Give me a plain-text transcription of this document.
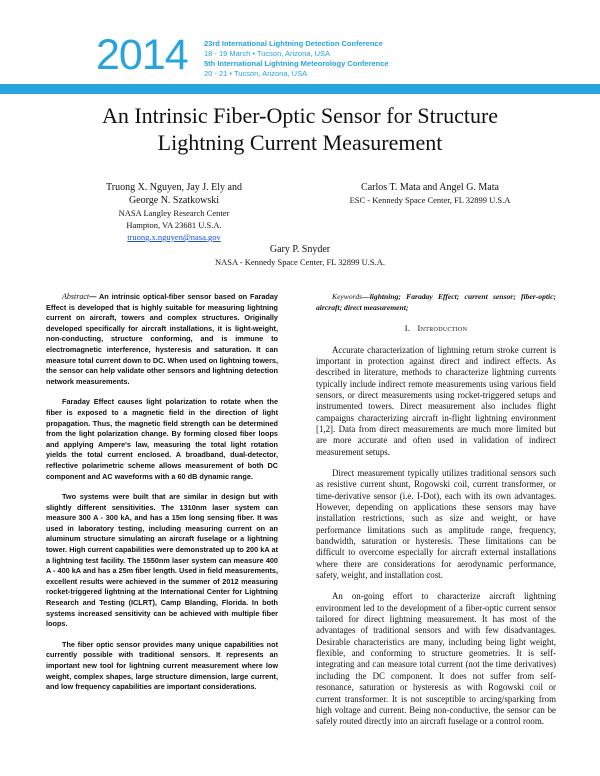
2014 23rd International Lightning Detection Conference
18 - 19 March • Tucson, Arizona, USA
5th International Lightning Meteorology Conference
20 - 21 • Tucson, Arizona, USA
An Intrinsic Fiber-Optic Sensor for Structure
Lightning Current Measurement
Truong X. Nguyen, Jay J. Ely and
George N. Szatkowski
NASA Langley Research Center
Hampton, VA 23681 U.S.A.
truong.x.nguyen@nasa.gov
Carlos T. Mata and Angel G. Mata
ESC - Kennedy Space Center, FL 32899 U.S.A
Gary P. Snyder
NASA - Kennedy Space Center, FL 32899 U.S.A.

Abstract— An intrinsic optical-fiber sensor based on Faraday Effect is developed that is highly suitable for measuring lightning current on aircraft, towers and complex structures. Originally developed specifically for aircraft installations, it is light-weight, non-conducting, structure conforming, and is immune to electromagnetic interference, hysteresis and saturation. It can measure total current down to DC. When used on lightning towers, the sensor can help validate other sensors and lightning detection network measurements.

Faraday Effect causes light polarization to rotate when the fiber is exposed to a magnetic field in the direction of light propagation. Thus, the magnetic field strength can be determined from the light polarization change. By forming closed fiber loops and applying Ampere's law, measuring the total light rotation yields the total current enclosed. A broadband, dual-detector, reflective polarimetric scheme allows measurement of both DC component and AC waveforms with a 60 dB dynamic range.

Two systems were built that are similar in design but with slightly different sensitivities. The 1310nm laser system can measure 300 A - 300 kA, and has a 15m long sensing fiber. It was used in laboratory testing, including measuring current on an aluminum structure simulating an aircraft fuselage or a lightning tower. High current capabilities were demonstrated up to 200 kA at a lightning test facility. The 1550nm laser system can measure 400 A - 400 kA and has a 25m fiber length. Used in field measurements, excellent results were achieved in the summer of 2012 measuring rocket-triggered lightning at the International Center for Lightning Research and Testing (ICLRT), Camp Blanding, Florida. In both systems increased sensitivity can be achieved with multiple fiber loops.

The fiber optic sensor provides many unique capabilities not currently possible with traditional sensors. It represents an important new tool for lightning current measurement where low weight, complex shapes, large structure dimension, large current, and low frequency capabilities are important considerations.

Keywords—lightning; Faraday Effect; current sensor; fiber-optic; aircraft; direct measurement;

I. Introduction

Accurate characterization of lightning return stroke current is important in protection against direct and indirect effects. As described in literature, methods to characterize lightning currents typically include indirect remote measurements using various field sensors, or direct measurements using rocket-triggered setups and instrumented towers. Direct measurement also includes flight campaigns characterizing aircraft in-flight lightning environment [1,2]. Data from direct measurements are much more limited but are more accurate and often used in validation of indirect measurement setups.

Direct measurement typically utilizes traditional sensors such as resistive current shunt, Rogowski coil, current transformer, or time-derivative sensor (i.e. I-Dot), each with its own advantages. However, depending on applications these sensors may have installation restrictions, such as size and weight, or have performance limitations such as amplitude range, frequency, bandwidth, saturation or hysteresis. These limitations can be difficult to overcome especially for aircraft external installations where there are considerations for aerodynamic performance, safety, weight, and installation cost.

An on-going effort to characterize aircraft lightning environment led to the development of a fiber-optic current sensor tailored for direct lightning measurement. It has most of the advantages of traditional sensors and with few disadvantages. Desirable characteristics are many, including being light weight, flexible, and conforming to structure geometries. It is self-integrating and can measure total current (not the time derivatives) including the DC component. It does not suffer from self-resonance, saturation or hysteresis as with Rogowski coil or current transformer. It is not susceptible to arcing/sparking from high voltage and current. Being non-conductive, the sensor can be safely routed directly into an aircraft fuselage or a control room.
